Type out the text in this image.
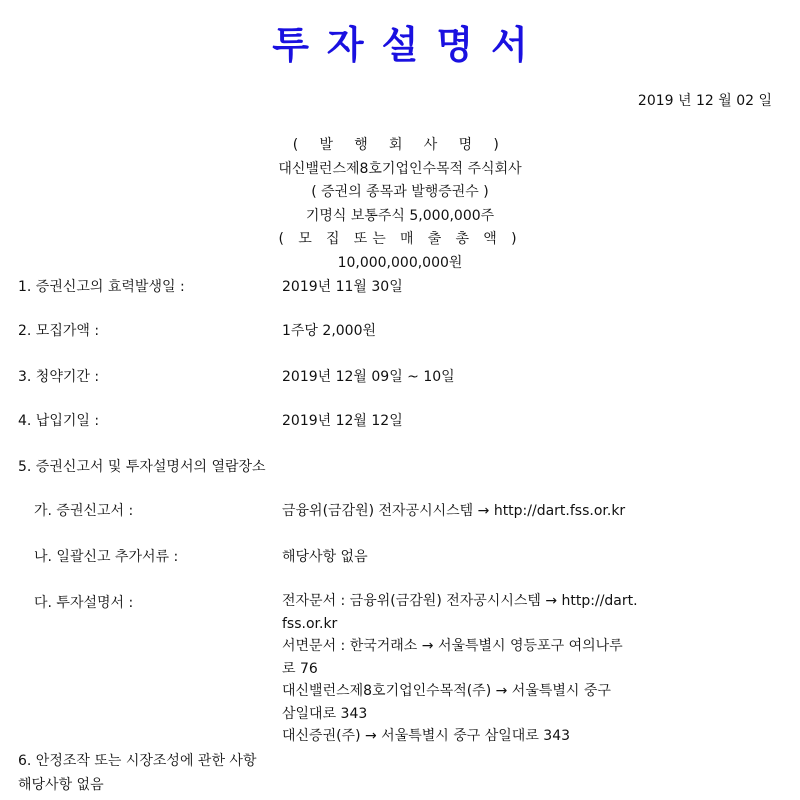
투자설명서
2019 년 12 월 02 일
( 발 행 회 사 명 )
대신밸런스제8호기업인수목적 주식회사
( 증권의 종목과 발행증권수 )
기명식 보통주식 5,000,000주
( 모 집 또는 매 출 총 액 )
10,000,000,000원
1. 증권신고의 효력발생일 :	2019년 11월 30일
2. 모집가액 :	1주당 2,000원
3. 청약기간 :	2019년 12월 09일 ~ 10일
4. 납입기일 :	2019년 12월 12일
5. 증권신고서 및 투자설명서의 열람장소
가. 증권신고서 :	금융위(금감원) 전자공시시스템 → http://dart.fss.or.kr
나. 일괄신고 추가서류 :	해당사항 없음
다. 투자설명서 :	전자문서 : 금융위(금감원) 전자공시시스템 → http://dart.
fss.or.kr
서면문서 : 한국거래소 → 서울특별시 영등포구 여의나루
로 76
대신밸런스제8호기업인수목적(주) → 서울특별시 중구
삼일대로 343
대신증권(주) → 서울특별시 중구 삼일대로 343
6. 안정조작 또는 시장조성에 관한 사항
해당사항 없음
